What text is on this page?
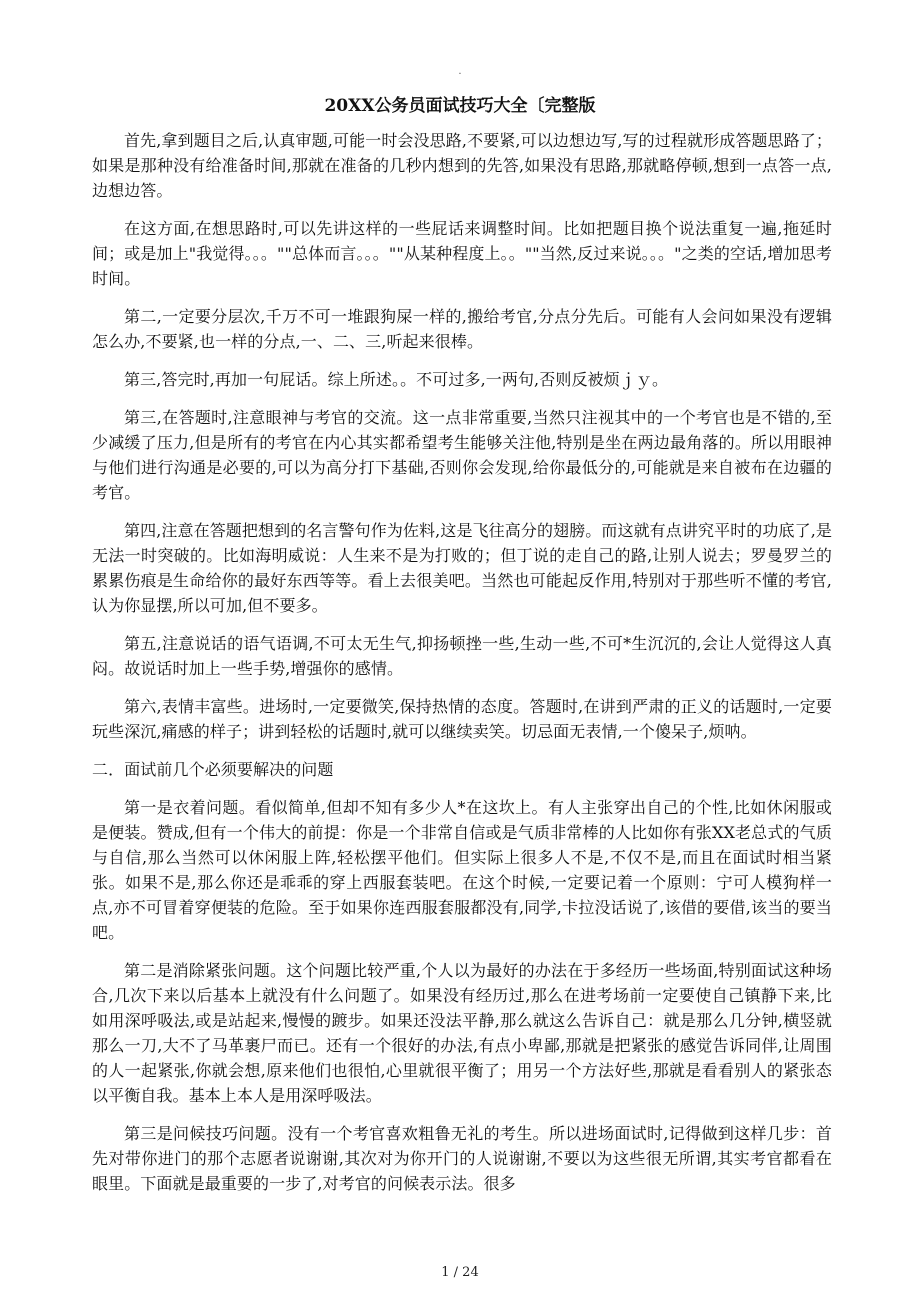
.
20XX公务员面试技巧大全〔完整版

首先,拿到题目之后,认真审题,可能一时会没思路,不要紧,可以边想边写,写的过程就形成答题思路了；如果是那种没有给准备时间,那就在准备的几秒内想到的先答,如果没有思路,那就略停顿,想到一点答一点,边想边答。

在这方面,在想思路时,可以先讲这样的一些屁话来调整时间。比如把题目换个说法重复一遍,拖延时间；或是加上"我觉得。。。""总体而言。。。""从某种程度上。。""当然,反过来说。。。"之类的空话,增加思考时间。

第二,一定要分层次,千万不可一堆跟狗屎一样的,搬给考官,分点分先后。可能有人会问如果没有逻辑怎么办,不要紧,也一样的分点,一、二、三,听起来很棒。

第三,答完时,再加一句屁话。综上所述。。不可过多,一两句,否则反被烦ｊｙ。

第三,在答题时,注意眼神与考官的交流。这一点非常重要,当然只注视其中的一个考官也是不错的,至少减缓了压力,但是所有的考官在内心其实都希望考生能够关注他,特别是坐在两边最角落的。所以用眼神与他们进行沟通是必要的,可以为高分打下基础,否则你会发现,给你最低分的,可能就是来自被布在边疆的考官。

第四,注意在答题把想到的名言警句作为佐料,这是飞往高分的翅膀。而这就有点讲究平时的功底了,是无法一时突破的。比如海明威说：人生来不是为打败的；但丁说的走自己的路,让别人说去；罗曼罗兰的累累伤痕是生命给你的最好东西等等。看上去很美吧。当然也可能起反作用,特别对于那些听不懂的考官,认为你显摆,所以可加,但不要多。

第五,注意说话的语气语调,不可太无生气,抑扬顿挫一些,生动一些,不可*生沉沉的,会让人觉得这人真闷。故说话时加上一些手势,增强你的感情。

第六,表情丰富些。进场时,一定要微笑,保持热情的态度。答题时,在讲到严肃的正义的话题时,一定要玩些深沉,痛感的样子；讲到轻松的话题时,就可以继续卖笑。切忌面无表情,一个傻呆子,烦呐。

二．面试前几个必须要解决的问题

第一是衣着问题。看似简单,但却不知有多少人*在这坎上。有人主张穿出自己的个性,比如休闲服或是便装。赞成,但有一个伟大的前提：你是一个非常自信或是气质非常棒的人比如你有张XX老总式的气质与自信,那么当然可以休闲服上阵,轻松摆平他们。但实际上很多人不是,不仅不是,而且在面试时相当紧张。如果不是,那么你还是乖乖的穿上西服套装吧。在这个时候,一定要记着一个原则：宁可人模狗样一点,亦不可冒着穿便装的危险。至于如果你连西服套服都没有,同学,卡拉没话说了,该借的要借,该当的要当吧。

第二是消除紧张问题。这个问题比较严重,个人以为最好的办法在于多经历一些场面,特别面试这种场合,几次下来以后基本上就没有什么问题了。如果没有经历过,那么在进考场前一定要使自己镇静下来,比如用深呼吸法,或是站起来,慢慢的踱步。如果还没法平静,那么就这么告诉自己：就是那么几分钟,横竖就那么一刀,大不了马革裹尸而已。还有一个很好的办法,有点小卑鄙,那就是把紧张的感觉告诉同伴,让周围的人一起紧张,你就会想,原来他们也很怕,心里就很平衡了；用另一个方法好些,那就是看看别人的紧张态以平衡自我。基本上本人是用深呼吸法。

第三是问候技巧问题。没有一个考官喜欢粗鲁无礼的考生。所以进场面试时,记得做到这样几步：首先对带你进门的那个志愿者说谢谢,其次对为你开门的人说谢谢,不要以为这些很无所谓,其实考官都看在眼里。下面就是最重要的一步了,对考官的问候表示法。很多

1 / 24
